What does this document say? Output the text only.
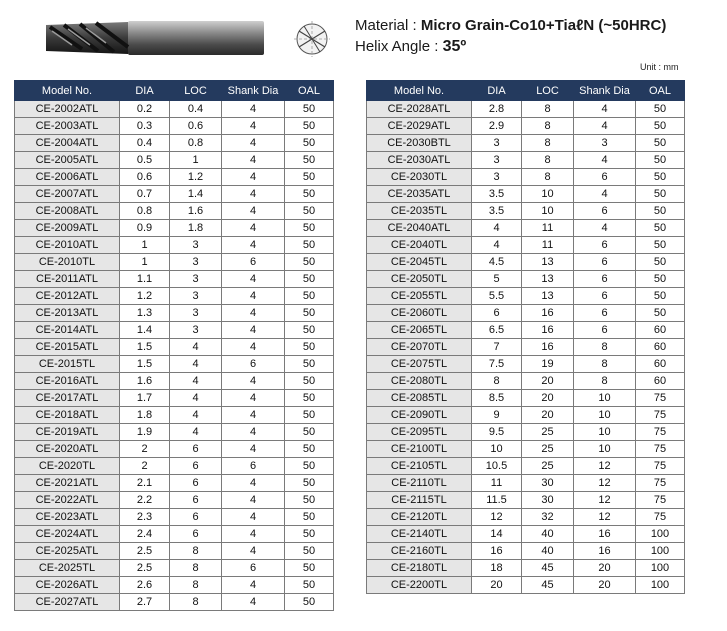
Material : Micro Grain-Co10+TiaℓN (~50HRC)
Helix Angle : 35º
Unit : mm
Model No.	DIA	LOC	Shank Dia	OAL
CE-2002ATL	0.2	0.4	4	50
CE-2003ATL	0.3	0.6	4	50
CE-2004ATL	0.4	0.8	4	50
CE-2005ATL	0.5	1	4	50
CE-2006ATL	0.6	1.2	4	50
CE-2007ATL	0.7	1.4	4	50
CE-2008ATL	0.8	1.6	4	50
CE-2009ATL	0.9	1.8	4	50
CE-2010ATL	1	3	4	50
CE-2010TL	1	3	6	50
CE-2011ATL	1.1	3	4	50
CE-2012ATL	1.2	3	4	50
CE-2013ATL	1.3	3	4	50
CE-2014ATL	1.4	3	4	50
CE-2015ATL	1.5	4	4	50
CE-2015TL	1.5	4	6	50
CE-2016ATL	1.6	4	4	50
CE-2017ATL	1.7	4	4	50
CE-2018ATL	1.8	4	4	50
CE-2019ATL	1.9	4	4	50
CE-2020ATL	2	6	4	50
CE-2020TL	2	6	6	50
CE-2021ATL	2.1	6	4	50
CE-2022ATL	2.2	6	4	50
CE-2023ATL	2.3	6	4	50
CE-2024ATL	2.4	6	4	50
CE-2025ATL	2.5	8	4	50
CE-2025TL	2.5	8	6	50
CE-2026ATL	2.6	8	4	50
CE-2027ATL	2.7	8	4	50
Model No.	DIA	LOC	Shank Dia	OAL
CE-2028ATL	2.8	8	4	50
CE-2029ATL	2.9	8	4	50
CE-2030BTL	3	8	3	50
CE-2030ATL	3	8	4	50
CE-2030TL	3	8	6	50
CE-2035ATL	3.5	10	4	50
CE-2035TL	3.5	10	6	50
CE-2040ATL	4	11	4	50
CE-2040TL	4	11	6	50
CE-2045TL	4.5	13	6	50
CE-2050TL	5	13	6	50
CE-2055TL	5.5	13	6	50
CE-2060TL	6	16	6	50
CE-2065TL	6.5	16	6	60
CE-2070TL	7	16	8	60
CE-2075TL	7.5	19	8	60
CE-2080TL	8	20	8	60
CE-2085TL	8.5	20	10	75
CE-2090TL	9	20	10	75
CE-2095TL	9.5	25	10	75
CE-2100TL	10	25	10	75
CE-2105TL	10.5	25	12	75
CE-2110TL	11	30	12	75
CE-2115TL	11.5	30	12	75
CE-2120TL	12	32	12	75
CE-2140TL	14	40	16	100
CE-2160TL	16	40	16	100
CE-2180TL	18	45	20	100
CE-2200TL	20	45	20	100
